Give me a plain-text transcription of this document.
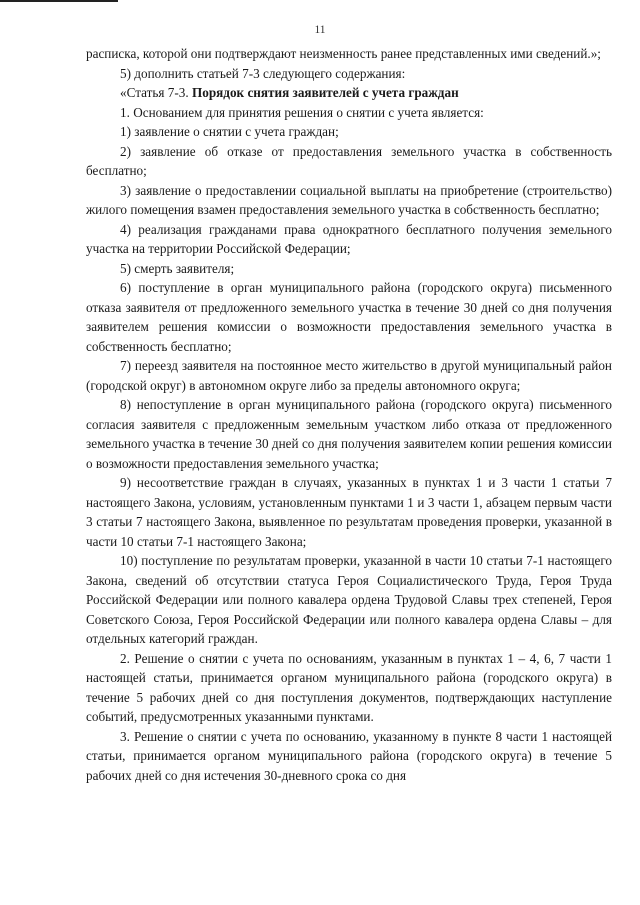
11

расписка, которой они подтверждают неизменность ранее представленных ими сведений.»;

5) дополнить статьей 7-3 следующего содержания:

«Статья 7-3. Порядок снятия заявителей с учета граждан

1. Основанием для принятия решения о снятии с учета является:

1) заявление о снятии с учета граждан;

2) заявление об отказе от предоставления земельного участка в собственность бесплатно;

3) заявление о предоставлении социальной выплаты на приобретение (строительство) жилого помещения взамен предоставления земельного участка в собственность бесплатно;

4) реализация гражданами права однократного бесплатного получения земельного участка на территории Российской Федерации;

5) смерть заявителя;

6) поступление в орган муниципального района (городского округа) письменного отказа заявителя от предложенного земельного участка в течение 30 дней со дня получения заявителем решения комиссии о возможности предоставления земельного участка в собственность бесплатно;

7) переезд заявителя на постоянное место жительство в другой муниципальный район (городской округ) в автономном округе либо за пределы автономного округа;

8) непоступление в орган муниципального района (городского округа) письменного согласия заявителя с предложенным земельным участком либо отказа от предложенного земельного участка в течение 30 дней со дня получения заявителем копии решения комиссии о возможности предоставления земельного участка;

9) несоответствие граждан в случаях, указанных в пунктах 1 и 3 части 1 статьи 7 настоящего Закона, условиям, установленным пунктами 1 и 3 части 1, абзацем первым части 3 статьи 7 настоящего Закона, выявленное по результатам проведения проверки, указанной в части 10 статьи 7-1 настоящего Закона;

10) поступление по результатам проверки, указанной в части 10 статьи 7-1 настоящего Закона, сведений об отсутствии статуса Героя Социалистического Труда, Героя Труда Российской Федерации или полного кавалера ордена Трудовой Славы трех степеней, Героя Советского Союза, Героя Российской Федерации или полного кавалера ордена Славы – для отдельных категорий граждан.

2. Решение о снятии с учета по основаниям, указанным в пунктах 1 – 4, 6, 7 части 1 настоящей статьи, принимается органом муниципального района (городского округа) в течение 5 рабочих дней со дня поступления документов, подтверждающих наступление событий, предусмотренных указанными пунктами.

3. Решение о снятии с учета по основанию, указанному в пункте 8 части 1 настоящей статьи, принимается органом муниципального района (городского округа) в течение 5 рабочих дней со дня истечения 30-дневного срока со дня
